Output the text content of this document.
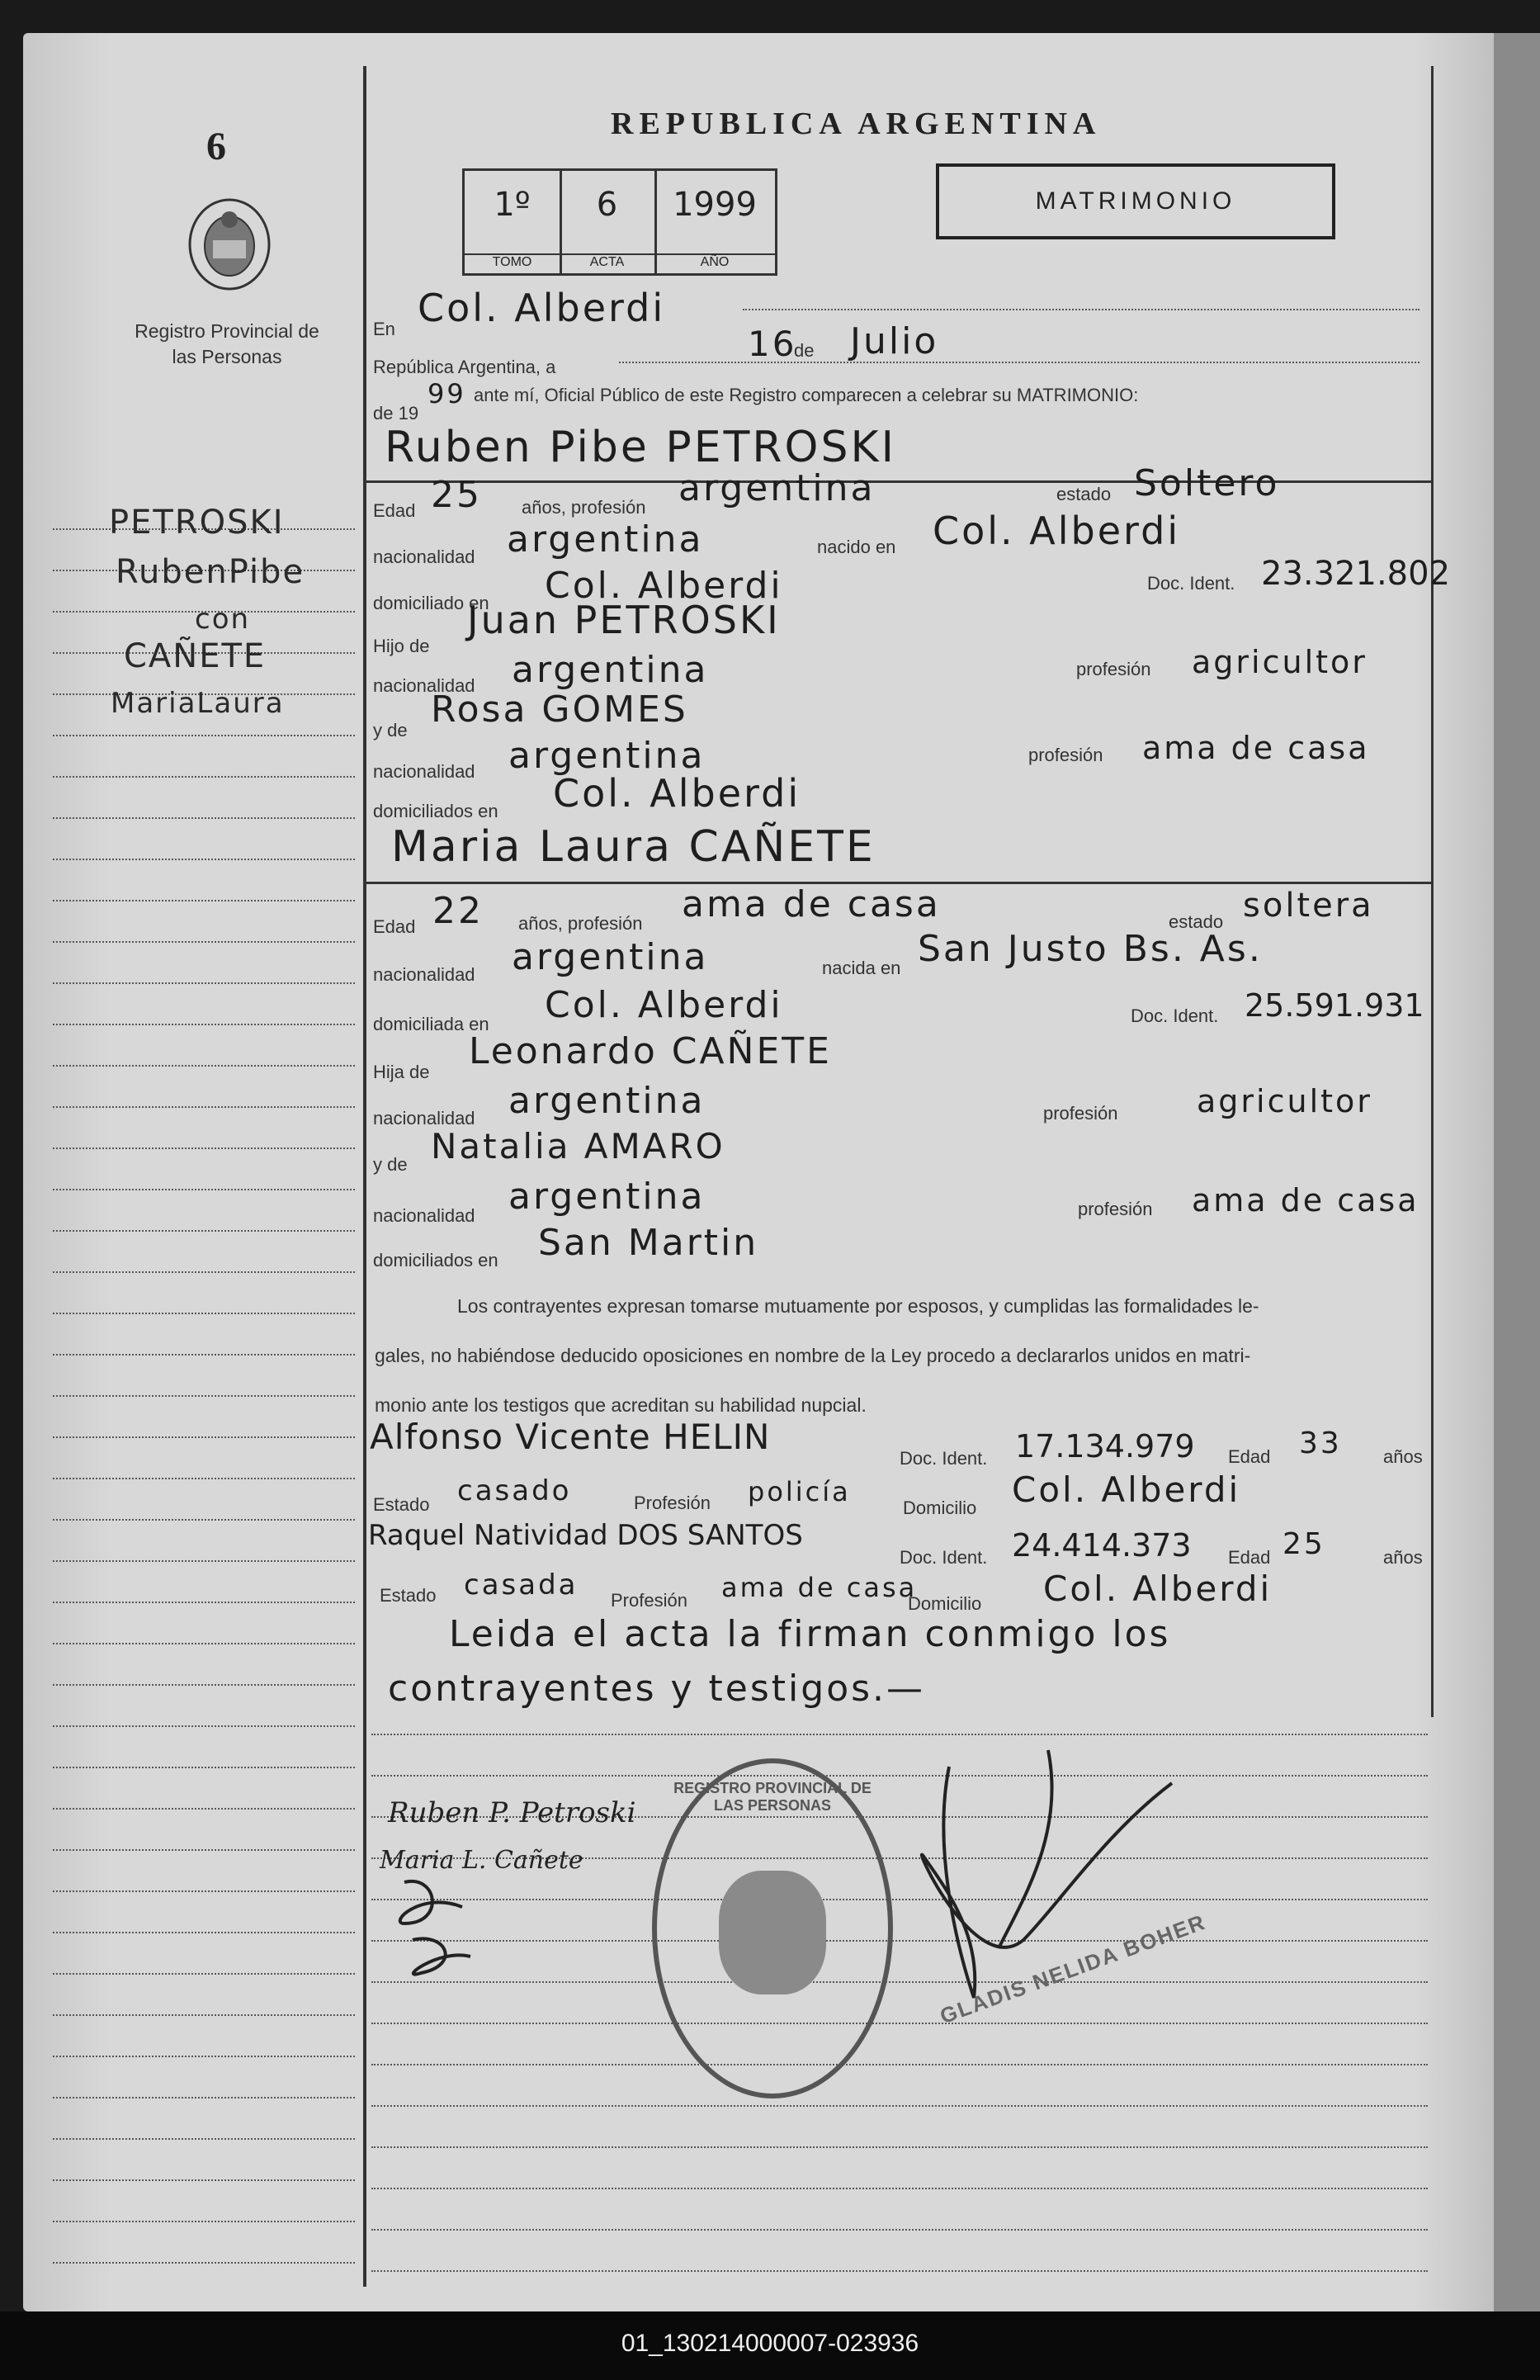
6
Registro Provincial de las Personas
REPUBLICA ARGENTINA
1º
TOMO
6
ACTA
1999
AÑO
MATRIMONIO
En Col. Alberdi
República Argentina, a
16
de Julio
de 19
99 ante mí, Oficial Público de este Registro comparecen a celebrar su MATRIMONIO:
Ruben Pibe PETROSKI
Edad 25 años, profesión argentina	estado Soltero
nacionalidad argentina	nacido en Col. Alberdi
domiciliado en Col. Alberdi	Doc. Ident. 23.321.802
Hijo de
Juan PETROSKI
nacionalidad argentina	profesión agricultor
y de Rosa GOMES
nacionalidad argentina	profesión ama de casa
domiciliados en Col. Alberdi
Maria Laura CAÑETE
Edad 22 años, profesión ama de casa	estado soltera
nacionalidad argentina	nacida en San Justo Bs. As.
domiciliada en Col. Alberdi	Doc. Ident. 25.591.931
Hija de Leonardo CAÑETE
nacionalidad argentina	profesión	agricultor
y de Natalia AMARO
nacionalidad argentina	profesión ama de casa
domiciliados en San Martin
Los contrayentes expresan tomarse mutuamente por esposos, y cumplidas las formalidades le-
gales, no habiéndose deducido oposiciones en nombre de la Ley procedo a declararlos unidos en matri-
monio ante los testigos que acreditan su habilidad nupcial.
Alfonso Vicente HELIN
Doc. Ident. 17.134.979 Edad 33 años
Estado casado	Profesión policía
Domicilio Col. Alberdi
Raquel Natividad DOS SANTOS
Doc. Ident. 24.414.373 Edad 25	años
Estado casada Profesión ama de casa
Domicilio Col. Alberdi
Leida el acta la firman conmigo los
contrayentes y testigos.—
PETROSKI
RubenPibe
con
CAÑETE
MariaLaura
Ruben P. Petroski
Maria L. Cañete
REGISTRO PROVINCIAL DE LAS PERSONAS
GLADIS NELIDA BOHER
01_130214000007-023936
